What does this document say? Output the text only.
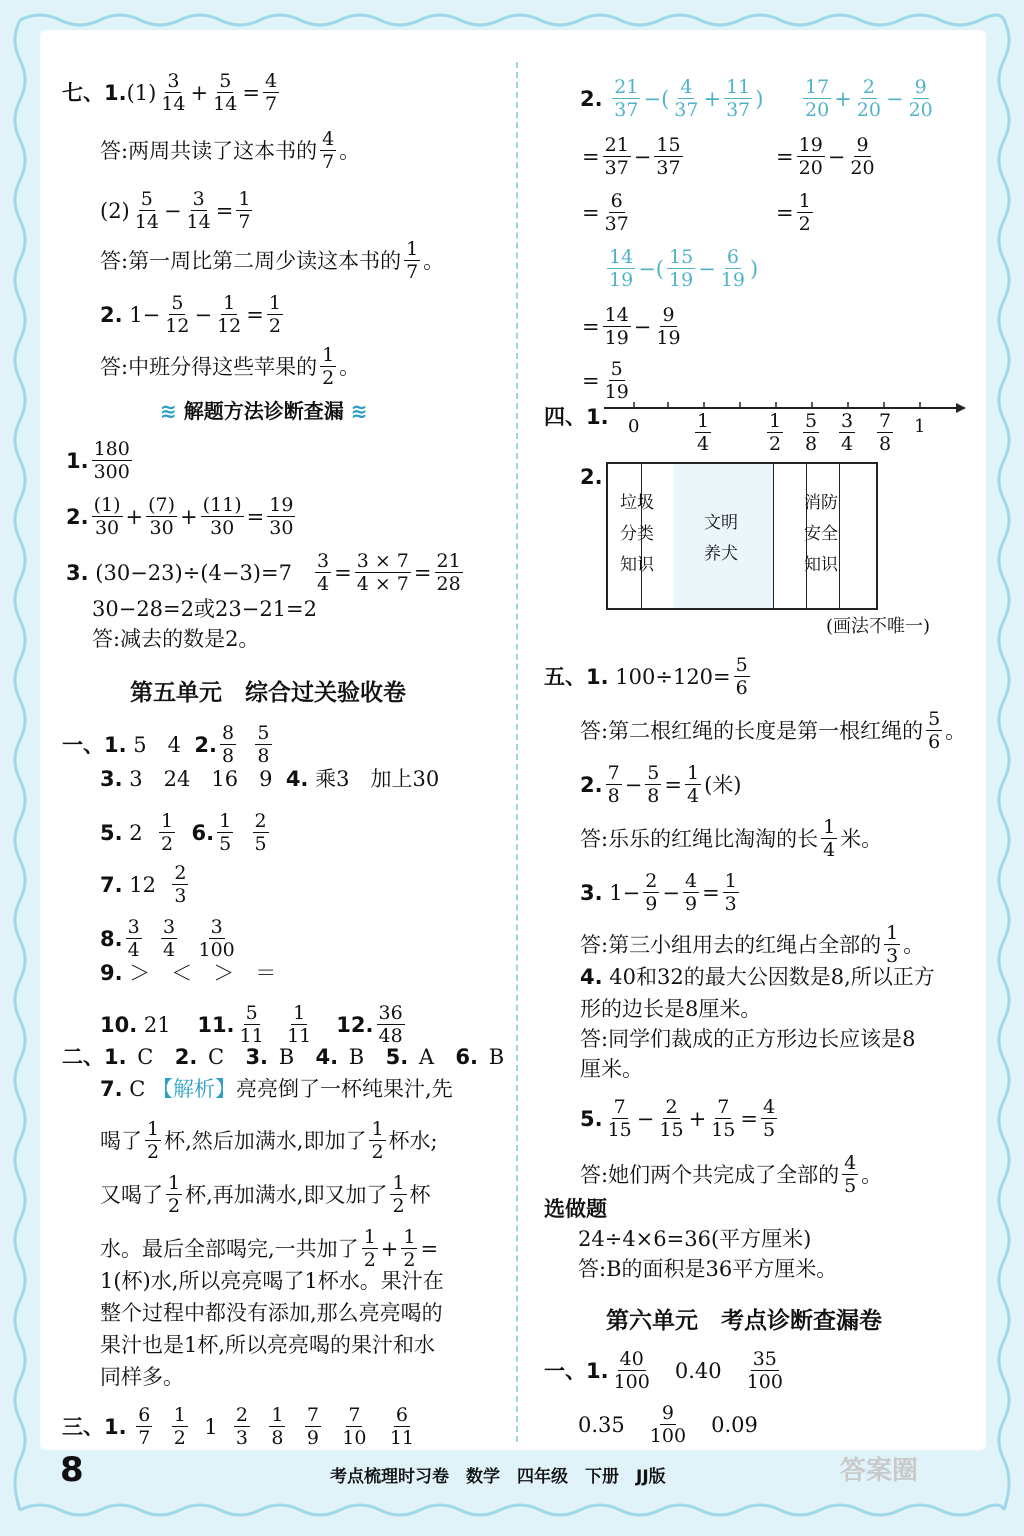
七、1. $(1) \frac{3}{14} + \frac{5}{14} = \frac{4}{7}$
答:两周共读了这本书的 $\frac{4}{7}$ 。
$(2) \frac{5}{14} - \frac{3}{14} = \frac{1}{7}$
答:第一周比第二周少读这本书的 $\frac{1}{7}$ 。
2.
$1 - \frac{5}{12} - \frac{1}{12} = \frac{1}{2}$
答:中班分得这些苹果的 $\frac{1}{2}$ 。
≋ 解题方法诊断查漏 ≋
1. $\frac{180}{300}$
2. $\frac{(1)}{30} + \frac{(7)}{30} + \frac{(11)}{30} = \frac{19}{30}$
3.
(30−23)÷(4−3)=7
$\frac{3}{4} = \frac{3 \times 7}{4 \times 7} = \frac{21}{28}$
30−28=2或23−21=2
答:减去的数是2。
第五单元　综合过关验收卷
一、1.
5　4
2. $\frac{8}{8}$
$\frac{5}{8}$
3.
3　24　16　9
4.
乘3　加上30
5.
2
$\frac{1}{2}$
6. $\frac{1}{5}$
$\frac{2}{5}$
7.
12
$\frac{2}{3}$
8. $\frac{3}{4}$
$\frac{3}{4}$
$\frac{3}{100}$
9.
＞　＜　＞　＝
10.
21
11. $\frac{5}{11}$
$\frac{1}{11}$
12. $\frac{36}{48}$
二、1.
C
2.
C
3.
B
4.
B
5.
A
6.
B
7.
C
【解析】 亮亮倒了一杯纯果汁,先
喝了 $\frac{1}{2}$ 杯,然后加满水,即加了 $\frac{1}{2}$ 杯水;
又喝了 $\frac{1}{2}$ 杯,再加满水,即又加了 $\frac{1}{2}$ 杯
水。最后全部喝完,一共加了 $\frac{1}{2} + \frac{1}{2}$ =
1(杯)水,所以亮亮喝了1杯水。果汁在
整个过程中都没有添加,那么亮亮喝的
果汁也是1杯,所以亮亮喝的果汁和水
同样多。
三、1.
$\frac{6}{7}$
$\frac{1}{2}$
1
$\frac{2}{3}$
$\frac{1}{8}$
$\frac{7}{9}$
$\frac{7}{10}$
$\frac{6}{11}$
2.
$\frac{21}{37}$ −( $\frac{4}{37} + \frac{11}{37}$ ) $\frac{17}{20} + \frac{2}{20} - \frac{9}{20}$
= $\frac{21}{37} - \frac{15}{37}$	= $\frac{19}{20} - \frac{9}{20}$
= $\frac{6}{37}$	= $\frac{1}{2}$
$\frac{14}{19}$ −( $\frac{15}{19} - \frac{6}{19}$ )
= $\frac{14}{19} - \frac{9}{19}$
= $\frac{5}{19}$
四、1. 0	1
$\frac{1}{4}$	$\frac{1}{2} \frac{5}{8} \frac{3}{4} \frac{7}{8}$
2.
垃圾
分类
知识
文明
养犬
消防
安全
知识
(画法不唯一)
五、1.
$100\div 120= \frac{5}{6}$
答:第二根红绳的长度是第一根红绳的 $\frac{5}{6}$ 。
2. $\frac{7}{8} - \frac{5}{8} = \frac{1}{4}$ (米)
答:乐乐的红绳比淘淘的长 $\frac{1}{4}$ 米。
3.
$1 - \frac{2}{9} - \frac{4}{9} = \frac{1}{3}$
答:第三小组用去的红绳占全部的 $\frac{1}{3}$ 。
4.
40和32的最大公因数是8,所以正方
形的边长是8厘米。
答:同学们裁成的正方形边长应该是8
厘米。
5. $\frac{7}{15} - \frac{2}{15} + \frac{7}{15} = \frac{4}{5}$
答:她们两个共完成了全部的 $\frac{4}{5}$ 。
选做题
24÷4×6=36(平方厘米)
答:B的面积是36平方厘米。
第六单元　考点诊断查漏卷
一、1. $\frac{40}{100}$
0.40
$\frac{35}{100}$
0.35
$\frac{9}{100}$
0.09
8	考点梳理时习卷　数学　四年级　下册　JJ版	答案圈
